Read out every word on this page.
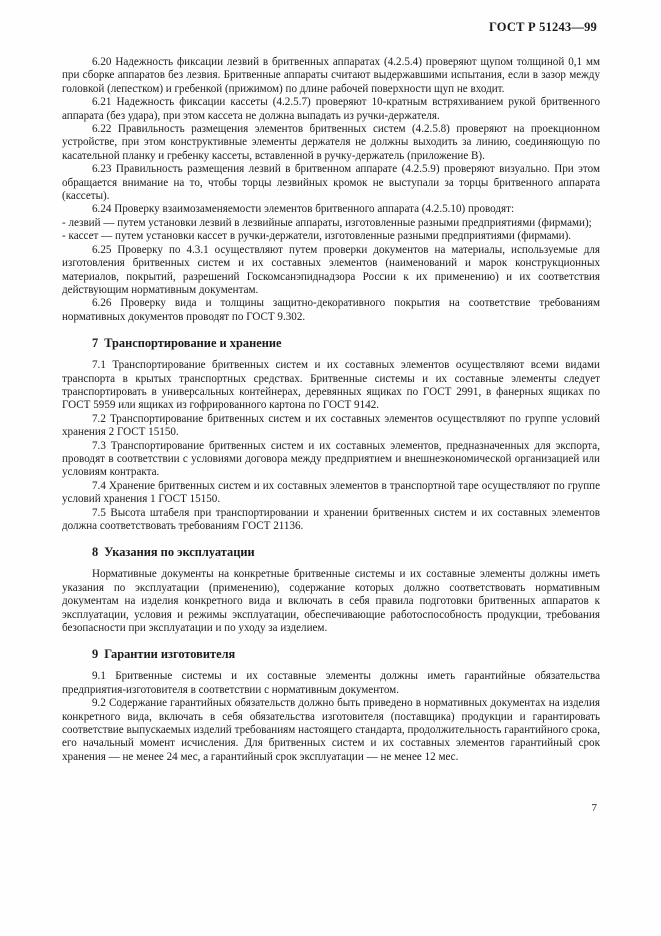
ГОСТ Р 51243—99

6.20 Надежность фиксации лезвий в бритвенных аппаратах (4.2.5.4) проверяют щупом толщиной 0,1 мм при сборке аппаратов без лезвия. Бритвенные аппараты считают выдержавшими испытания, если в зазор между головкой (лепестком) и гребенкой (прижимом) по длине рабочей поверхности щуп не входит.

6.21 Надежность фиксации кассеты (4.2.5.7) проверяют 10-кратным встряхиванием рукой бритвенного аппарата (без удара), при этом кассета не должна выпадать из ручки-держателя.

6.22 Правильность размещения элементов бритвенных систем (4.2.5.8) проверяют на проекционном устройстве, при этом конструктивные элементы держателя не должны выходить за линию, соединяющую по касательной планку и гребенку кассеты, вставленной в ручку-держатель (приложение В).

6.23 Правильность размещения лезвий в бритвенном аппарате (4.2.5.9) проверяют визуально. При этом обращается внимание на то, чтобы торцы лезвийных кромок не выступали за торцы бритвенного аппарата (кассеты).

6.24 Проверку взаимозаменяемости элементов бритвенного аппарата (4.2.5.10) проводят:

- лезвий — путем установки лезвий в лезвийные аппараты, изготовленные разными предприятиями (фирмами);

- кассет — путем установки кассет в ручки-держатели, изготовленные разными предприятиями (фирмами).

6.25 Проверку по 4.3.1 осуществляют путем проверки документов на материалы, используемые для изготовления бритвенных систем и их составных элементов (наименований и марок конструкционных материалов, покрытий, разрешений Госкомсанэпиднадзора России к их применению) и их соответствия действующим нормативным документам.

6.26 Проверку вида и толщины защитно-декоративного покрытия на соответствие требованиям нормативных документов проводят по ГОСТ 9.302.

7 Транспортирование и хранение

7.1 Транспортирование бритвенных систем и их составных элементов осуществляют всеми видами транспорта в крытых транспортных средствах. Бритвенные системы и их составные элементы следует транспортировать в универсальных контейнерах, деревянных ящиках по ГОСТ 2991, в фанерных ящиках по ГОСТ 5959 или ящиках из гофрированного картона по ГОСТ 9142.

7.2 Транспортирование бритвенных систем и их составных элементов осуществляют по группе условий хранения 2 ГОСТ 15150.

7.3 Транспортирование бритвенных систем и их составных элементов, предназначенных для экспорта, проводят в соответствии с условиями договора между предприятием и внешнеэкономической организацией или условиям контракта.

7.4 Хранение бритвенных систем и их составных элементов в транспортной таре осуществляют по группе условий хранения 1 ГОСТ 15150.

7.5 Высота штабеля при транспортировании и хранении бритвенных систем и их составных элементов должна соответствовать требованиям ГОСТ 21136.

8 Указания по эксплуатации

Нормативные документы на конкретные бритвенные системы и их составные элементы должны иметь указания по эксплуатации (применению), содержание которых должно соответствовать нормативным документам на изделия конкретного вида и включать в себя правила подготовки бритвенных аппаратов к эксплуатации, условия и режимы эксплуатации, обеспечивающие работоспособность продукции, требования безопасности при эксплуатации и по уходу за изделием.

9 Гарантии изготовителя

9.1 Бритвенные системы и их составные элементы должны иметь гарантийные обязательства предприятия-изготовителя в соответствии с нормативным документом.

9.2 Содержание гарантийных обязательств должно быть приведено в нормативных документах на изделия конкретного вида, включать в себя обязательства изготовителя (поставщика) продукции и гарантировать соответствие выпускаемых изделий требованиям настоящего стандарта, продолжительность гарантийного срока, его начальный момент исчисления. Для бритвенных систем и их составных элементов гарантийный срок хранения — не менее 24 мес, а гарантийный срок эксплуатации — не менее 12 мес.

7
